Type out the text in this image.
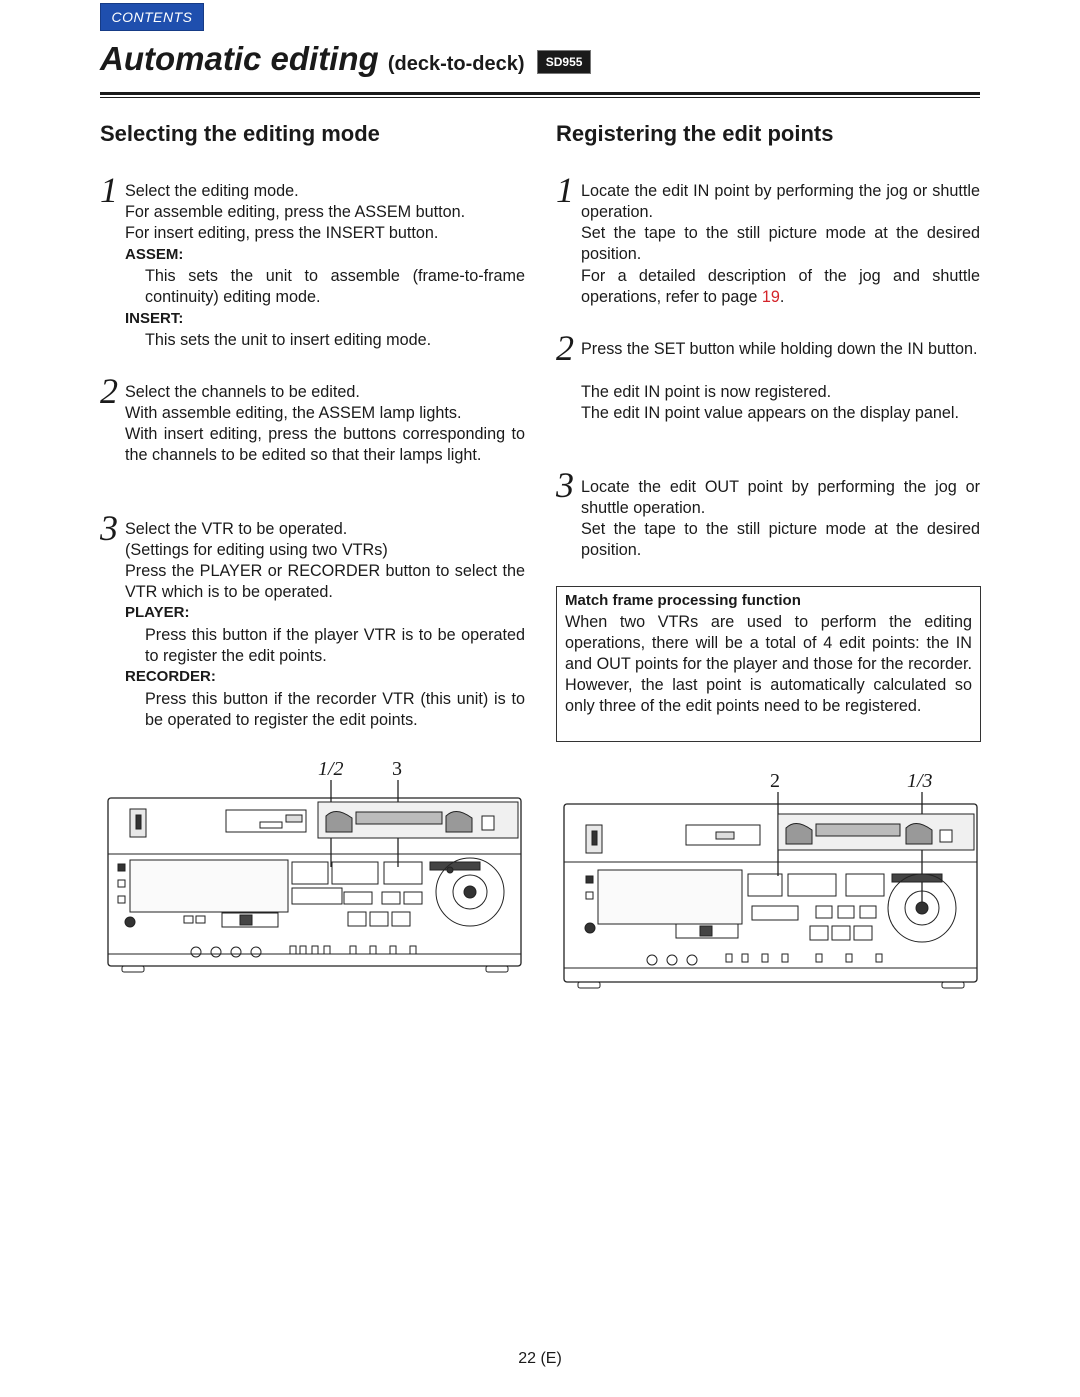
CONTENTS
Automatic editing (deck-to-deck) SD955
Selecting the editing mode
1 Select the editing mode.
For assemble editing, press the ASSEM button.
For insert editing, press the INSERT button.
ASSEM:
This sets the unit to assemble (frame-to-frame continuity) editing mode.
INSERT:
This sets the unit to insert editing mode.
2 Select the channels to be edited.
With assemble editing, the ASSEM lamp lights.
With insert editing, press the buttons corresponding to the channels to be edited so that their lamps light.
3 Select the VTR to be operated.
(Settings for editing using two VTRs)
Press the PLAYER or RECORDER button to select the VTR which is to be operated.
PLAYER:
Press this button if the player VTR is to be operated to register the edit points.
RECORDER:
Press this button if the recorder VTR (this unit) is to be operated to register the edit points.
Registering the edit points
1 Locate the edit IN point by performing the jog or shuttle operation.
Set the tape to the still picture mode at the desired position.
For a detailed description of the jog and shuttle operations, refer to page 19.
2 Press the SET button while holding down the IN button.
The edit IN point is now registered.
The edit IN point value appears on the display panel.
3 Locate the edit OUT point by performing the jog or shuttle operation.
Set the tape to the still picture mode at the desired position.
Match frame processing function
When two VTRs are used to perform the editing operations, there will be a total of 4 edit points: the IN and OUT points for the player and those for the recorder. However, the last point is automatically calculated so only three of the edit points need to be registered.
1/2 3
2	1/3
22 (E)
